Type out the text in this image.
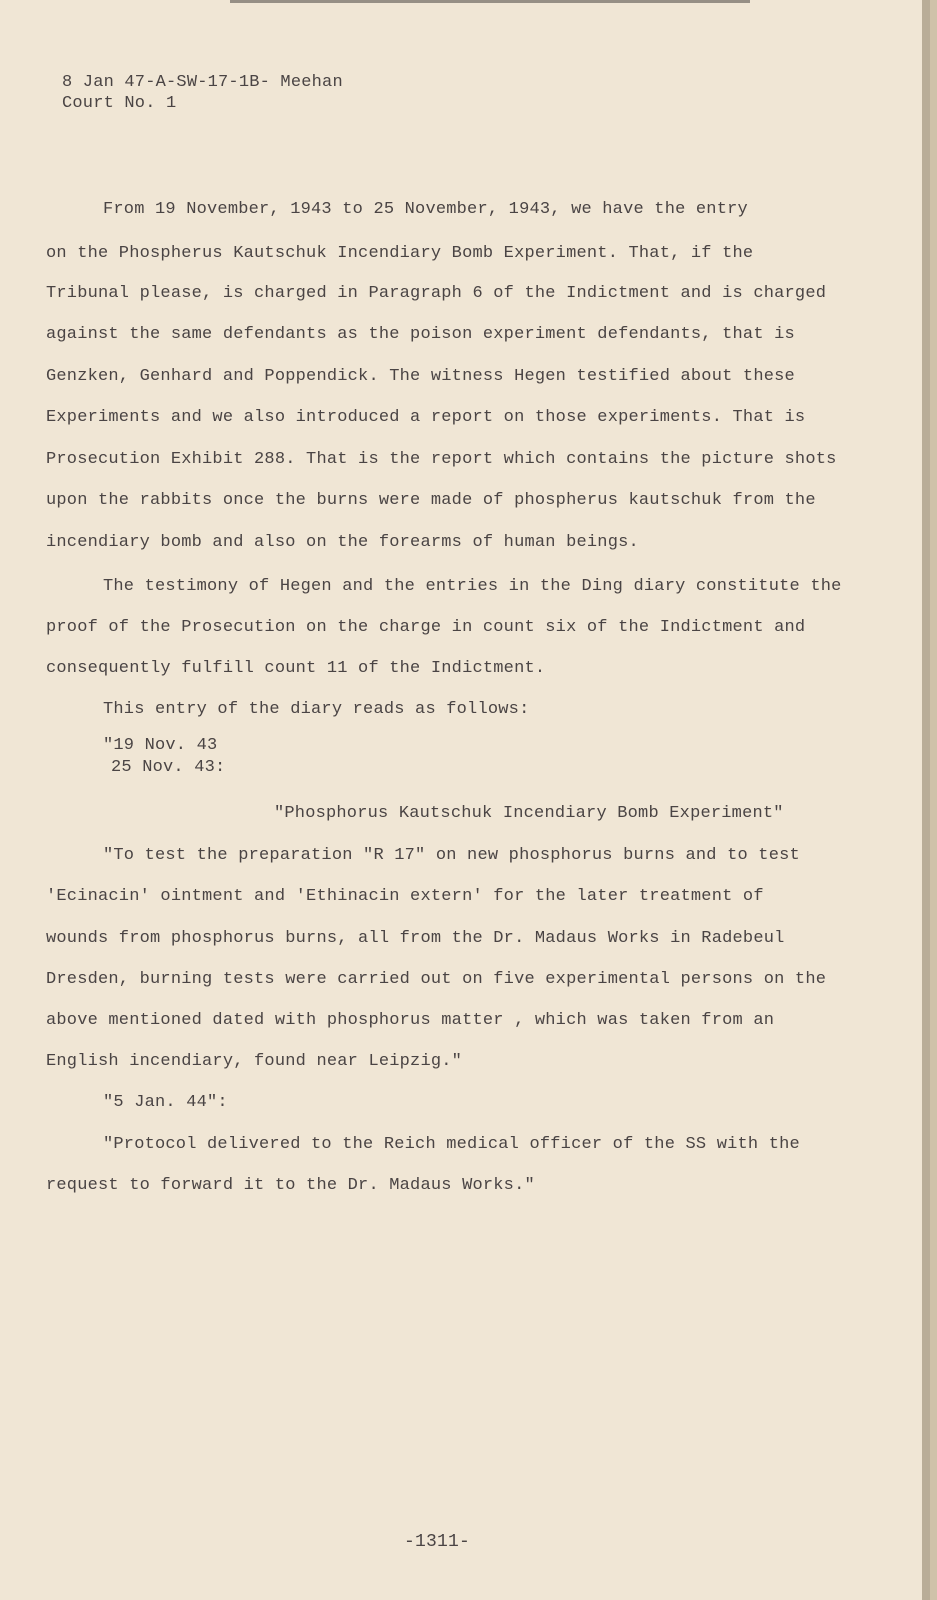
8 Jan 47-A-SW-17-1B- Meehan
Court No. 1
From 19 November, 1943 to 25 November, 1943, we have the entry
on the Phospherus Kautschuk Incendiary Bomb Experiment. That, if the
Tribunal please, is charged in Paragraph 6 of the Indictment and is charged
against the same defendants as the poison experiment defendants, that is
Genzken, Genhard and Poppendick. The witness Hegen testified about these
Experiments and we also introduced a report on those experiments. That is
Prosecution Exhibit 288. That is the report which contains the picture shots
upon the rabbits once the burns were made of phospherus kautschuk from the
incendiary bomb and also on the forearms of human beings.
The testimony of Hegen and the entries in the Ding diary constitute the
proof of the Prosecution on the charge in count six of the Indictment and
consequently fulfill count 11 of the Indictment.
This entry of the diary reads as follows:
"19 Nov. 43
25 Nov. 43:
"Phosphorus Kautschuk Incendiary Bomb Experiment"
"To test the preparation "R 17" on new phosphorus burns and to test
'Ecinacin' ointment and 'Ethinacin extern' for the later treatment of
wounds from phosphorus burns, all from the Dr. Madaus Works in Radebeul
Dresden, burning tests were carried out on five experimental persons on the
above mentioned dated with phosphorus matter , which was taken from an
English incendiary, found near Leipzig."
"5 Jan. 44":
"Protocol delivered to the Reich medical officer of the SS with the
request to forward it to the Dr. Madaus Works."
-1311-
